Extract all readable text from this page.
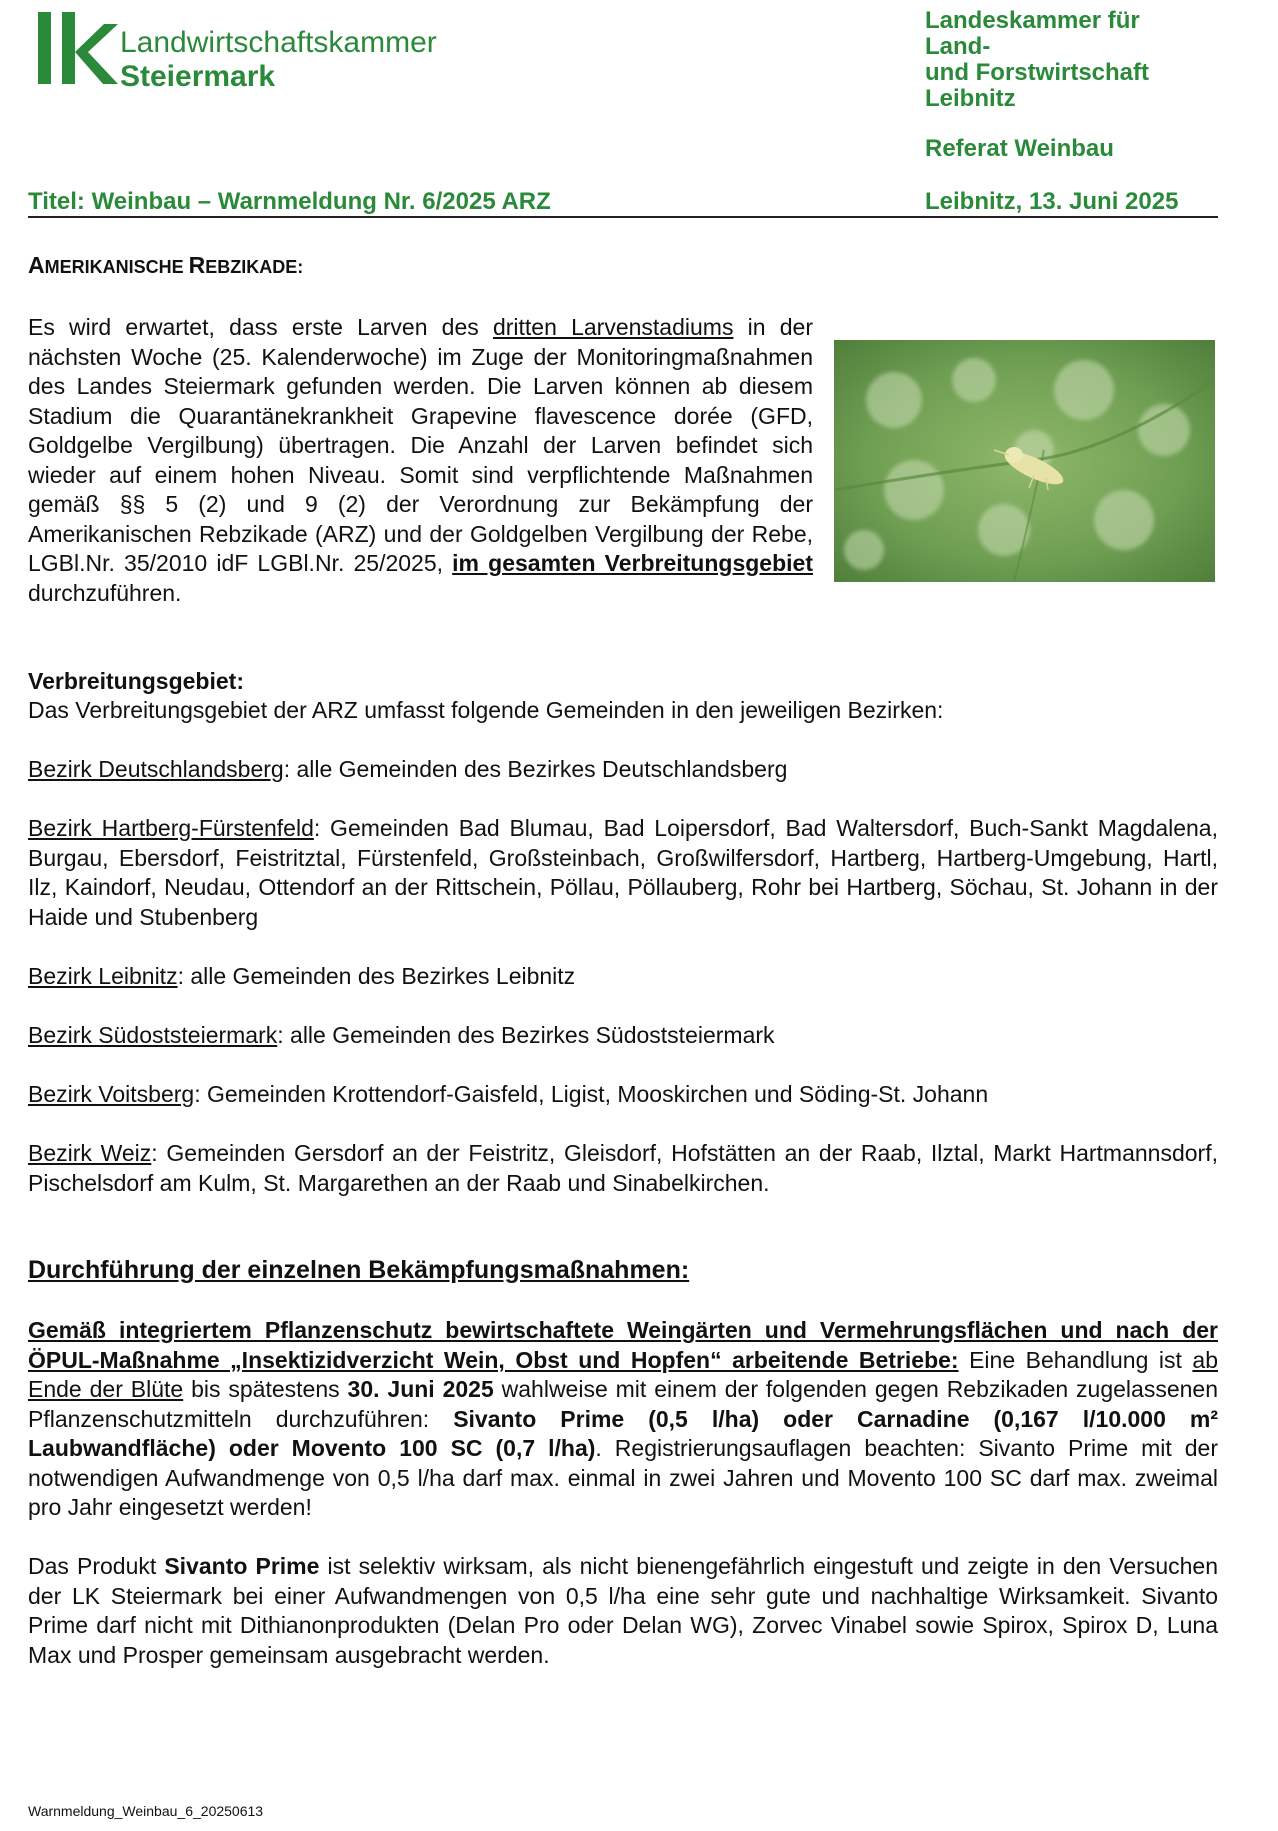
Landwirtschaftskammer
Steiermark
Landeskammer für
Land-
und Forstwirtschaft
Leibnitz
Referat Weinbau
Titel: Weinbau – Warnmeldung Nr. 6/2025 ARZ	Leibnitz, 13. Juni 2025
AMERIKANISCHE REBZIKADE:
Es wird erwartet, dass erste Larven des dritten Larvenstadiums in der nächsten Woche (25. Kalenderwoche) im Zuge der Monitoringmaßnahmen des Landes Steiermark gefunden werden. Die Larven können ab diesem Stadium die Quarantänekrankheit Grapevine flavescence dorée (GFD, Goldgelbe Vergilbung) übertragen. Die Anzahl der Larven befindet sich wieder auf einem hohen Niveau. Somit sind verpflichtende Maßnahmen gemäß §§ 5 (2) und 9 (2) der Verordnung zur Bekämpfung der Amerikanischen Rebzikade (ARZ) und der Goldgelben Vergilbung der Rebe, LGBl.Nr. 35/2010 idF LGBl.Nr. 25/2025, im gesamten Verbreitungsgebiet durchzuführen.
Verbreitungsgebiet:
Das Verbreitungsgebiet der ARZ umfasst folgende Gemeinden in den jeweiligen Bezirken:
Bezirk Deutschlandsberg: alle Gemeinden des Bezirkes Deutschlandsberg
Bezirk Hartberg-Fürstenfeld: Gemeinden Bad Blumau, Bad Loipersdorf, Bad Waltersdorf, Buch-Sankt Magdalena, Burgau, Ebersdorf, Feistritztal, Fürstenfeld, Großsteinbach, Großwilfersdorf, Hartberg, Hartberg-Umgebung, Hartl, Ilz, Kaindorf, Neudau, Ottendorf an der Rittschein, Pöllau, Pöllauberg, Rohr bei Hartberg, Söchau, St. Johann in der Haide und Stubenberg
Bezirk Leibnitz: alle Gemeinden des Bezirkes Leibnitz
Bezirk Südoststeiermark: alle Gemeinden des Bezirkes Südoststeiermark
Bezirk Voitsberg: Gemeinden Krottendorf-Gaisfeld, Ligist, Mooskirchen und Söding-St. Johann
Bezirk Weiz: Gemeinden Gersdorf an der Feistritz, Gleisdorf, Hofstätten an der Raab, Ilztal, Markt Hartmannsdorf, Pischelsdorf am Kulm, St. Margarethen an der Raab und Sinabelkirchen.
Durchführung der einzelnen Bekämpfungsmaßnahmen:
Gemäß integriertem Pflanzenschutz bewirtschaftete Weingärten und Vermehrungsflächen und nach der ÖPUL-Maßnahme „Insektizidverzicht Wein, Obst und Hopfen“ arbeitende Betriebe: Eine Behandlung ist ab Ende der Blüte bis spätestens 30. Juni 2025 wahlweise mit einem der folgenden gegen Rebzikaden zugelassenen Pflanzenschutzmitteln durchzuführen: Sivanto Prime (0,5 l/ha) oder Carnadine (0,167 l/10.000 m² Laubwandfläche) oder Movento 100 SC (0,7 l/ha). Registrierungsauflagen beachten: Sivanto Prime mit der notwendigen Aufwandmenge von 0,5 l/ha darf max. einmal in zwei Jahren und Movento 100 SC darf max. zweimal pro Jahr eingesetzt werden!
Das Produkt Sivanto Prime ist selektiv wirksam, als nicht bienengefährlich eingestuft und zeigte in den Versuchen der LK Steiermark bei einer Aufwandmengen von 0,5 l/ha eine sehr gute und nachhaltige Wirksamkeit. Sivanto Prime darf nicht mit Dithianonprodukten (Delan Pro oder Delan WG), Zorvec Vinabel sowie Spirox, Spirox D, Luna Max und Prosper gemeinsam ausgebracht werden.
Warnmeldung_Weinbau_6_20250613
